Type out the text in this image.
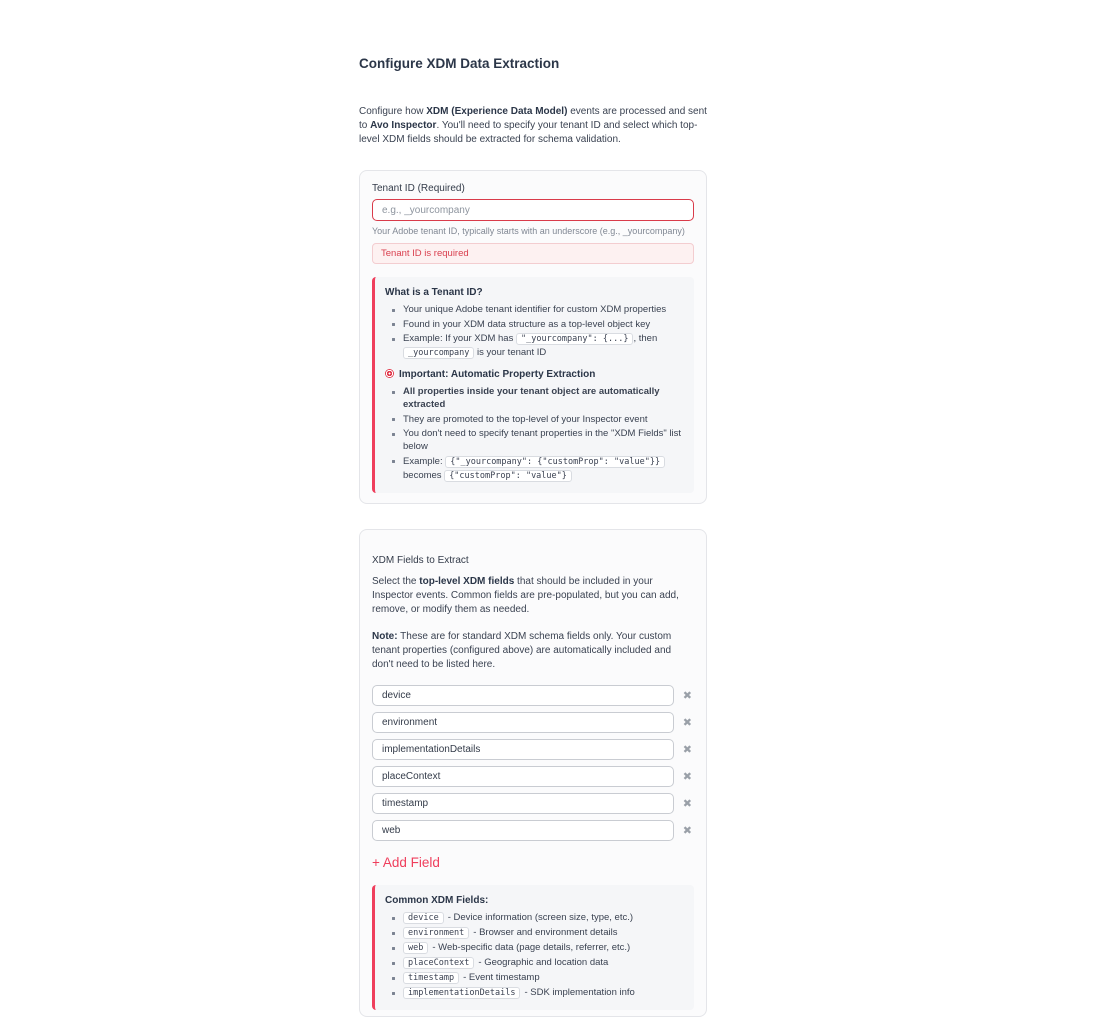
Configure XDM Data Extraction

Configure how XDM (Experience Data Model) events are processed and sent to Avo Inspector. You'll need to specify your tenant ID and select which top-level XDM fields should be extracted for schema validation.

Tenant ID (Required)
e.g., _yourcompany
Your Adobe tenant ID, typically starts with an underscore (e.g., _yourcompany)
Tenant ID is required
What is a Tenant ID?
Your unique Adobe tenant identifier for custom XDM properties
Found in your XDM data structure as a top-level object key
Example: If your XDM has "_yourcompany": {...} , then _yourcompany is your tenant ID
Important: Automatic Property Extraction
All properties inside your tenant object are automatically extracted
They are promoted to the top-level of your Inspector event
You don't need to specify tenant properties in the "XDM Fields" list below
Example: {"_yourcompany": {"customProp": "value"}} becomes {"customProp": "value"}
XDM Fields to Extract

Select the top-level XDM fields that should be included in your Inspector events. Common fields are pre-populated, but you can add, remove, or modify them as needed.

Note: These are for standard XDM schema fields only. Your custom tenant properties (configured above) are automatically included and don't need to be listed here.

device
✖
environment
✖
implementationDetails
✖
placeContext
✖
timestamp
✖
web
✖
+ Add Field
Common XDM Fields:
device - Device information (screen size, type, etc.)
environment - Browser and environment details
web - Web-specific data (page details, referrer, etc.)
placeContext - Geographic and location data
timestamp - Event timestamp
implementationDetails - SDK implementation info
